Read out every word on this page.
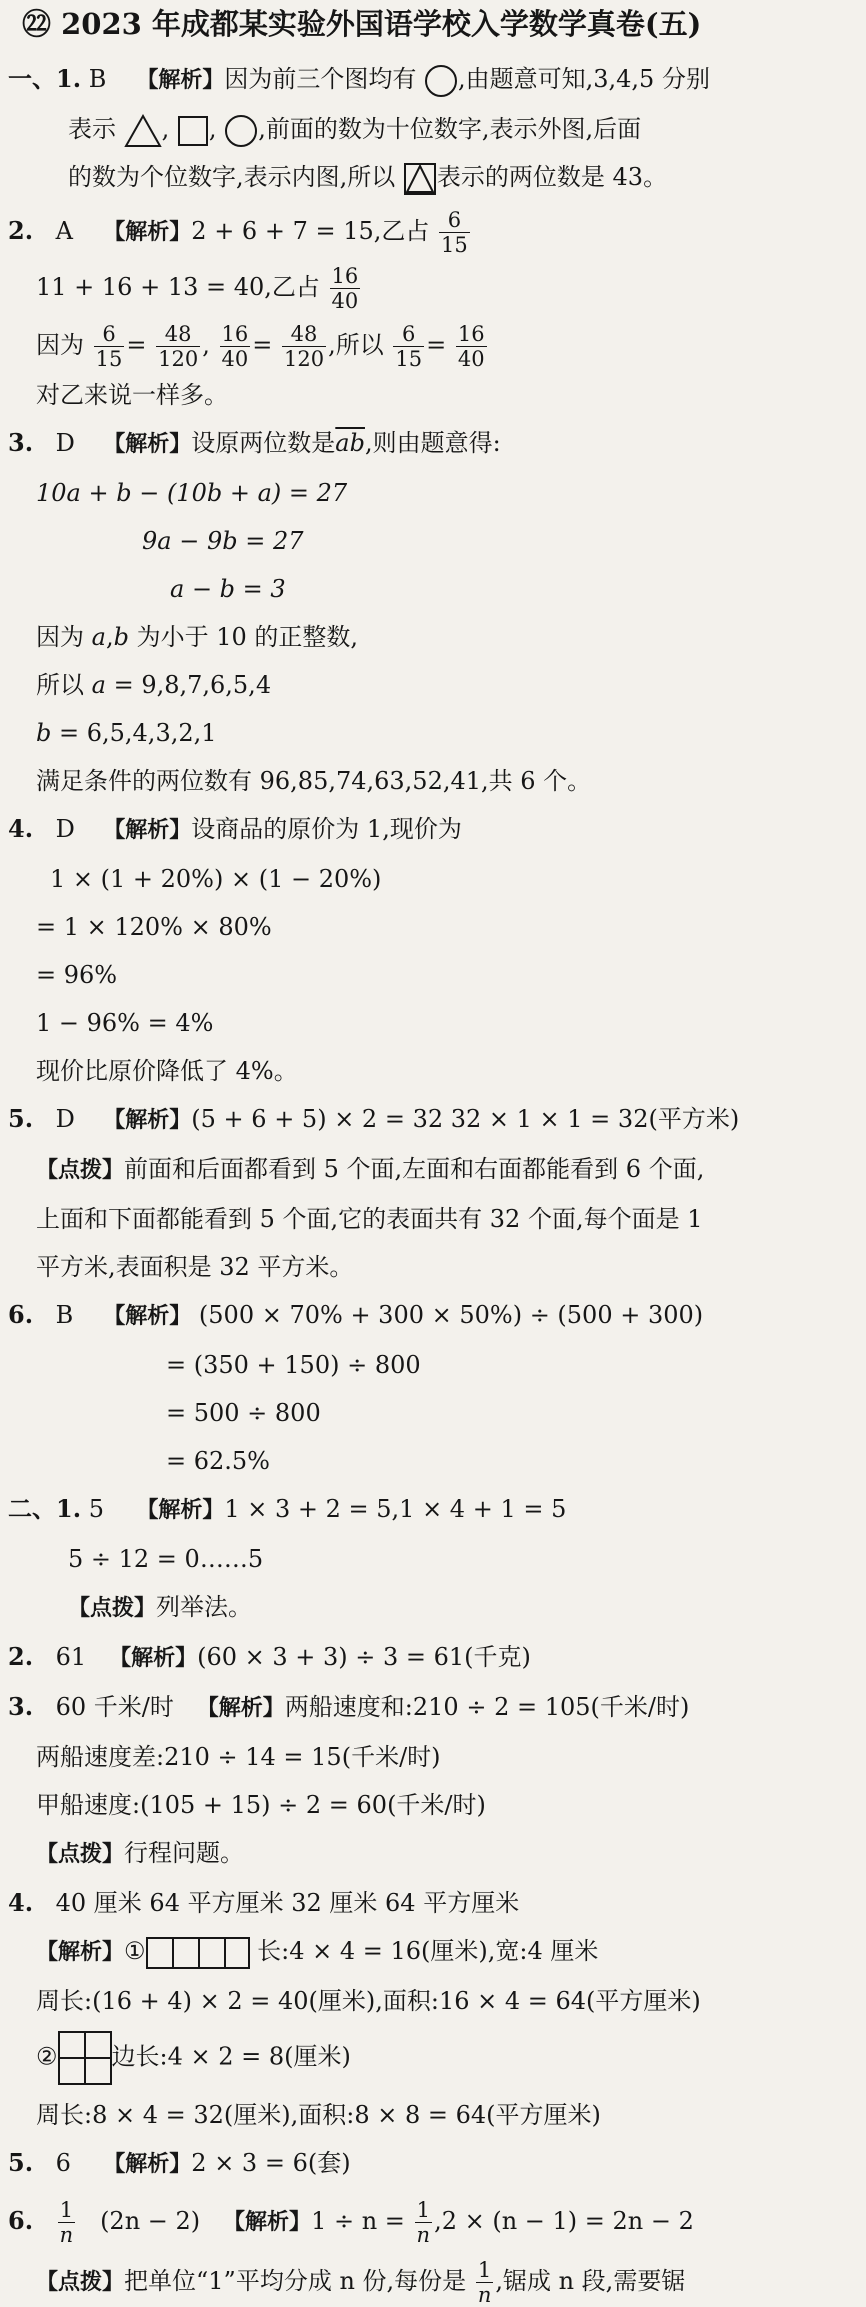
㉒ 2023 年成都某实验外国语学校入学数学真卷(五)
一、1. B 【解析】因为前三个图均有 ,由题意可知,3,4,5 分别
表示 , , ,前面的数为十位数字,表示外图,后面
的数为个位数字,表示内图,所以 表示的两位数是 43。
2. A 【解析】2 + 6 + 7 = 15,乙占 $\frac{6}{15}$
11 + 16 + 13 = 40,乙占 $\frac{16}{40}$
因为 $\frac{6}{15} = \frac{48}{120}$ , $\frac{16}{40} = \frac{48}{120}$ ,所以 $\frac{6}{15} = \frac{16}{40}$
对乙来说一样多。
3. D 【解析】设原两位数是$\overline{ab}$,则由题意得:
10a + b − (10b + a) = 27
9a − 9b = 27
a − b = 3
因为 a,b 为小于 10 的正整数,
所以 a = 9,8,7,6,5,4
b = 6,5,4,3,2,1
满足条件的两位数有 96,85,74,63,52,41,共 6 个。
4. D 【解析】设商品的原价为 1,现价为
1 × (1 + 20%) × (1 − 20%)
= 1 × 120% × 80%
= 96%
1 − 96% = 4%
现价比原价降低了 4%。
5. D 【解析】(5 + 6 + 5) × 2 = 32 32 × 1 × 1 = 32(平方米)
【点拨】前面和后面都看到 5 个面,左面和右面都能看到 6 个面,
上面和下面都能看到 5 个面,它的表面共有 32 个面,每个面是 1
平方米,表面积是 32 平方米。
6. B 【解析】 (500 × 70% + 300 × 50%) ÷ (500 + 300)
= (350 + 150) ÷ 800
= 500 ÷ 800
= 62.5%
二、1. 5 【解析】1 × 3 + 2 = 5,1 × 4 + 1 = 5
5 ÷ 12 = 0……5
【点拨】列举法。
2. 61 【解析】(60 × 3 + 3) ÷ 3 = 61(千克)
3. 60 千米/时 【解析】两船速度和:210 ÷ 2 = 105(千米/时)
两船速度差:210 ÷ 14 = 15(千米/时)
甲船速度:(105 + 15) ÷ 2 = 60(千米/时)
【点拨】行程问题。
4. 40 厘米 64 平方厘米 32 厘米 64 平方厘米
【解析】①	长:4 × 4 = 16(厘米),宽:4 厘米
周长:(16 + 4) × 2 = 40(厘米),面积:16 × 4 = 64(平方厘米)
② 边长:4 × 2 = 8(厘米)
周长:8 × 4 = 32(厘米),面积:8 × 8 = 64(平方厘米)
5. 6 【解析】2 × 3 = 6(套)
6. $\frac{1}{n} (2n - 2)$ 【解析】$1 \div n = \frac{1}{n} ,2 \times (n - 1) = 2n - 2$
【点拨】把单位“1”平均分成 n 份,每份是 $\frac{1}{n}$ ,锯成 n 段,需要锯
